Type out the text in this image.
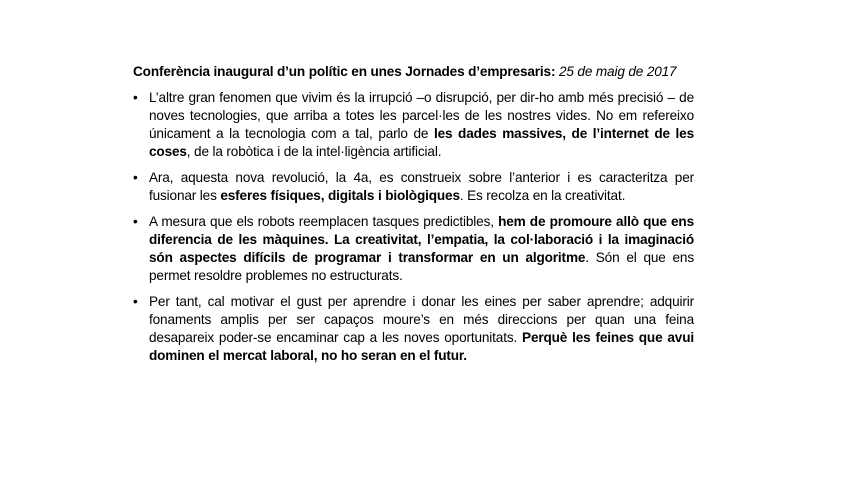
Conferència inaugural d’un polític en unes Jornades d’empresaris: 25 de maig de 2017

• L’altre gran fenomen que vivim és la irrupció –o disrupció, per dir-ho amb més precisió – de noves tecnologies, que arriba a totes les parcel·les de les nostres vides. No em refereixo únicament a la tecnologia com a tal, parlo de les dades massives, de l’internet de les coses, de la robòtica i de la intel·ligència artificial.
• Ara, aquesta nova revolució, la 4a, es construeix sobre l’anterior i es caracteritza per fusionar les esferes físiques, digitals i biològiques. Es recolza en la creativitat.
• A mesura que els robots reemplacen tasques predictibles, hem de promoure allò que ens diferencia de les màquines. La creativitat, l’empatia, la col·laboració i la imaginació són aspectes difícils de programar i transformar en un algoritme. Són el que ens permet resoldre problemes no estructurats.
• Per tant, cal motivar el gust per aprendre i donar les eines per saber aprendre; adquirir fonaments amplis per ser capaços moure’s en més direccions per quan una feina desapareix poder-se encaminar cap a les noves oportunitats. Perquè les feines que avui dominen el mercat laboral, no ho seran en el futur.
